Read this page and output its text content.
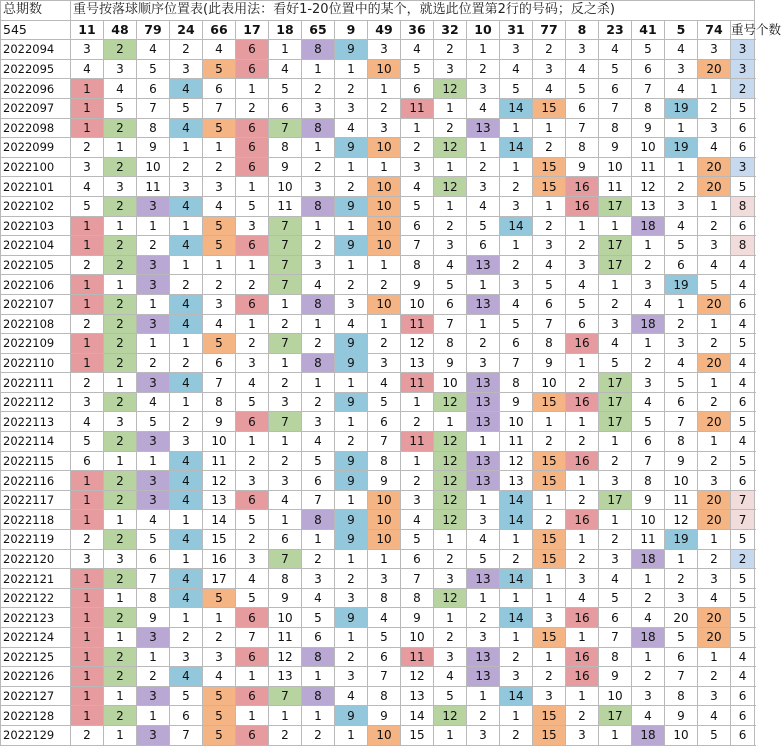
总期数	重号按落球顺序位置表(此表用法：看好1-20位置中的某个，就选此位置第2行的号码；反之杀)																				
545	11	48	79	24	66	17	18	65	9	49	36	32	10	31	77	8	23	41	5	74	重号个数
2022094	3	2	4	2	4	6	1	8	9	3	4	2	1	3	2	3	4	5	4	3	3
2022095	4	3	5	3	5	6	4	1	1	10	5	3	2	4	3	4	5	6	3	20	3
2022096	1	4	6	4	6	1	5	2	2	1	6	12	3	5	4	5	6	7	4	1	2
2022097	1	5	7	5	7	2	6	3	3	2	11	1	4	14	15	6	7	8	19	2	5
2022098	1	2	8	4	5	6	7	8	4	3	1	2	13	1	1	7	8	9	1	3	6
2022099	2	1	9	1	1	6	8	1	9	10	2	12	1	14	2	8	9	10	19	4	6
2022100	3	2	10	2	2	6	9	2	1	1	3	1	2	1	15	9	10	11	1	20	3
2022101	4	3	11	3	3	1	10	3	2	10	4	12	3	2	15	16	11	12	2	20	5
2022102	5	2	3	4	4	5	11	8	9	10	5	1	4	3	1	16	17	13	3	1	8
2022103	1	1	1	1	5	3	7	1	1	10	6	2	5	14	2	1	1	18	4	2	6
2022104	1	2	2	4	5	6	7	2	9	10	7	3	6	1	3	2	17	1	5	3	8
2022105	2	2	3	1	1	1	7	3	1	1	8	4	13	2	4	3	17	2	6	4	4
2022106	1	1	3	2	2	2	7	4	2	2	9	5	1	3	5	4	1	3	19	5	4
2022107	1	2	1	4	3	6	1	8	3	10	10	6	13	4	6	5	2	4	1	20	6
2022108	2	2	3	4	4	1	2	1	4	1	11	7	1	5	7	6	3	18	2	1	4
2022109	1	2	1	1	5	2	7	2	9	2	12	8	2	6	8	16	4	1	3	2	5
2022110	1	2	2	2	6	3	1	8	9	3	13	9	3	7	9	1	5	2	4	20	4
2022111	2	1	3	4	7	4	2	1	1	4	11	10	13	8	10	2	17	3	5	1	4
2022112	3	2	4	1	8	5	3	2	9	5	1	12	13	9	15	16	17	4	6	2	6
2022113	4	3	5	2	9	6	7	3	1	6	2	1	13	10	1	1	17	5	7	20	5
2022114	5	2	3	3	10	1	1	4	2	7	11	12	1	11	2	2	1	6	8	1	4
2022115	6	1	1	4	11	2	2	5	9	8	1	12	13	12	15	16	2	7	9	2	5
2022116	1	2	3	4	12	3	3	6	9	9	2	12	13	13	15	1	3	8	10	3	6
2022117	1	2	3	4	13	6	4	7	1	10	3	12	1	14	1	2	17	9	11	20	7
2022118	1	1	4	1	14	5	1	8	9	10	4	12	3	14	2	16	1	10	12	20	7
2022119	2	2	5	4	15	2	6	1	9	10	5	1	4	1	15	1	2	11	19	1	5
2022120	3	3	6	1	16	3	7	2	1	1	6	2	5	2	15	2	3	18	1	2	2
2022121	1	2	7	4	17	4	8	3	2	3	7	3	13	14	1	3	4	1	2	3	5
2022122	1	1	8	4	5	5	9	4	3	8	8	12	1	1	1	4	5	2	3	4	5
2022123	1	2	9	1	1	6	10	5	9	4	9	1	2	14	3	16	6	4	20	20	5
2022124	1	1	3	2	2	7	11	6	1	5	10	2	3	1	15	1	7	18	5	20	5
2022125	1	2	1	3	3	6	12	8	2	6	11	3	13	2	1	16	8	1	6	1	4
2022126	1	2	2	4	4	1	13	1	3	7	12	4	13	3	2	16	9	2	7	2	4
2022127	1	1	3	5	5	6	7	8	4	8	13	5	1	14	3	1	10	3	8	3	6
2022128	1	2	1	6	5	1	1	1	9	9	14	12	2	1	15	2	17	4	9	4	6
2022129	2	1	3	7	5	6	2	2	1	10	15	1	3	2	15	3	1	18	10	5	6
